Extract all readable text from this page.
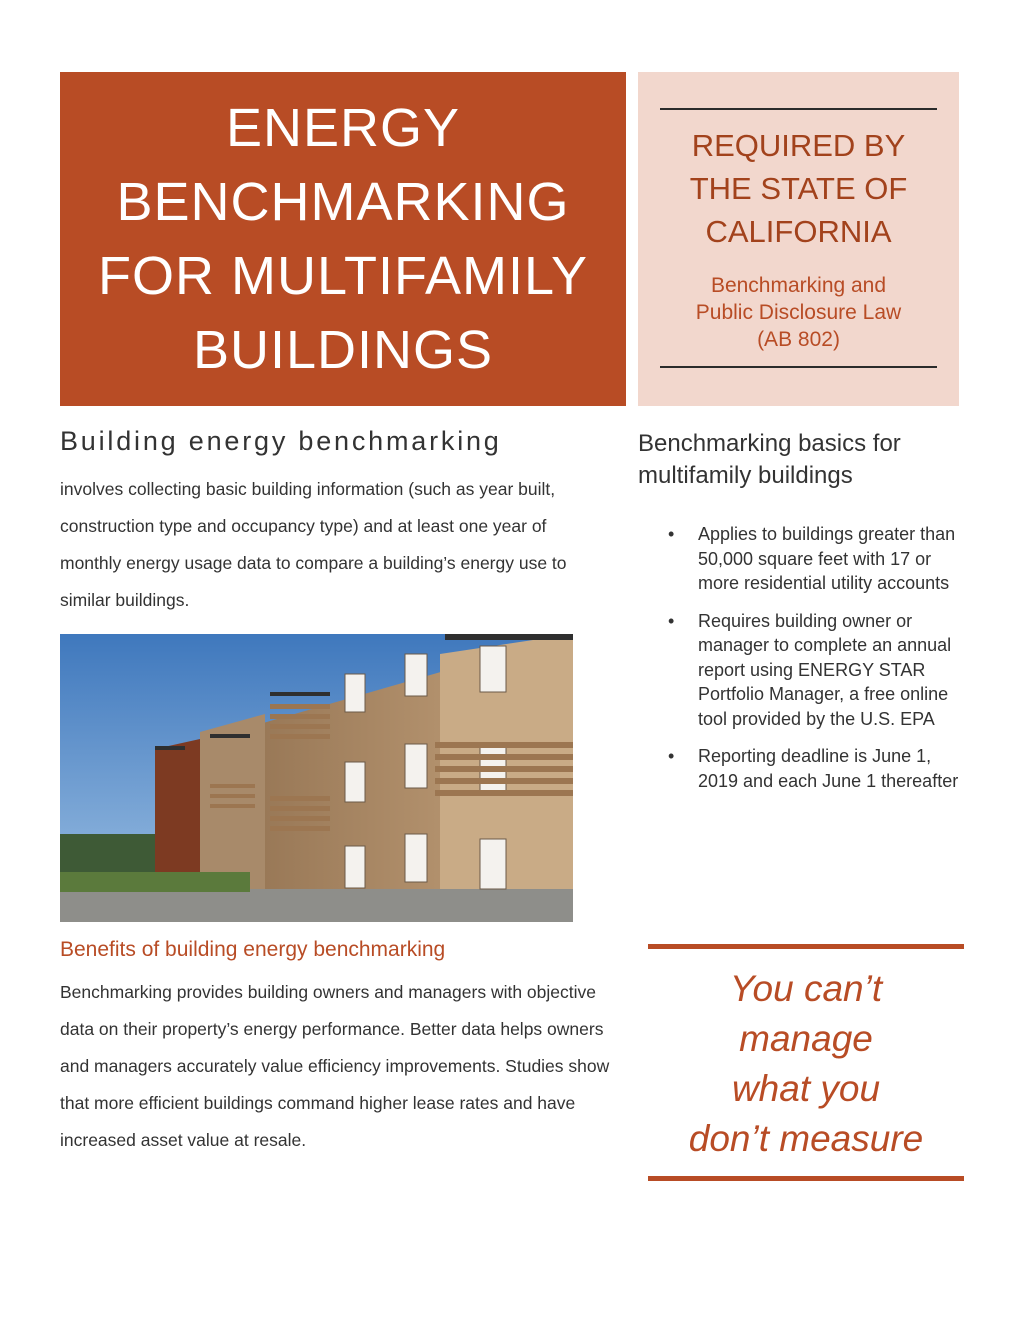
ENERGY
BENCHMARKING
FOR MULTIFAMILY
BUILDINGS
REQUIRED BY
THE STATE OF
CALIFORNIA
Benchmarking and
Public Disclosure Law
(AB 802)
Building energy benchmarking
involves collecting basic building information (such as year built, construction type and occupancy type) and at least one year of monthly energy usage data to compare a building’s energy use to similar buildings.
Benefits of building energy benchmarking
Benchmarking provides building owners and managers with objective data on their property’s energy performance. Better data helps owners and managers accurately value efficiency improvements. Studies show that more efficient buildings command higher lease rates and have increased asset value at resale.
Benchmarking basics for multifamily buildings
• Applies to buildings greater than 50,000 square feet with 17 or more residential utility accounts
• Requires building owner or manager to complete an annual report using ENERGY STAR Portfolio Manager, a free online tool provided by the U.S. EPA
• Reporting deadline is June 1, 2019 and each June 1 thereafter
You can’t
manage
what you
don’t measure
